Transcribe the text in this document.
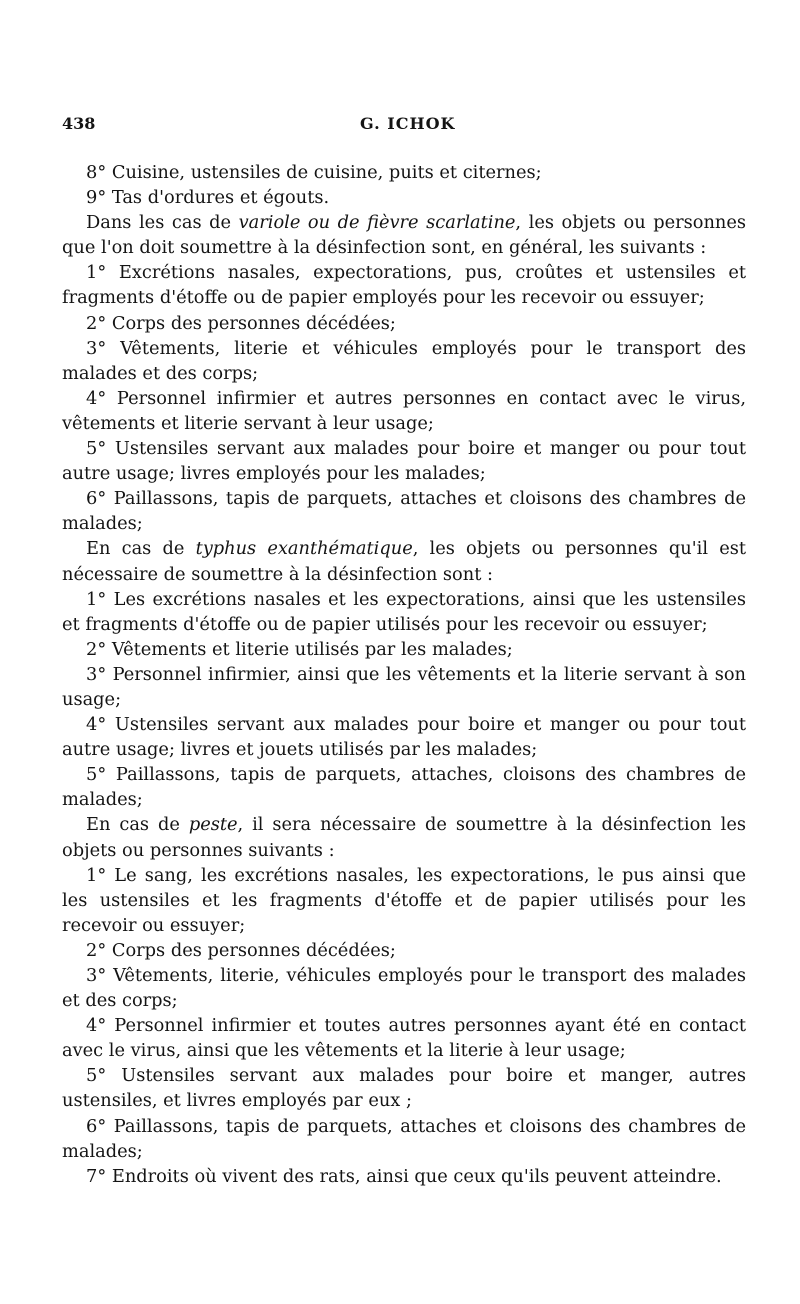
438	G. ICHOK

8° Cuisine, ustensiles de cuisine, puits et citernes;

9° Tas d'ordures et égouts.

Dans les cas de variole ou de fièvre scarlatine, les objets ou personnes que l'on doit soumettre à la désinfection sont, en général, les suivants :

1° Excrétions nasales, expectorations, pus, croûtes et ustensiles et fragments d'étoffe ou de papier employés pour les recevoir ou essuyer;

2° Corps des personnes décédées;

3° Vêtements, literie et véhicules employés pour le transport des malades et des corps;

4° Personnel infirmier et autres personnes en contact avec le virus, vêtements et literie servant à leur usage;

5° Ustensiles servant aux malades pour boire et manger ou pour tout autre usage; livres employés pour les malades;

6° Paillassons, tapis de parquets, attaches et cloisons des chambres de malades;

En cas de typhus exanthématique, les objets ou personnes qu'il est nécessaire de soumettre à la désinfection sont :

1° Les excrétions nasales et les expectorations, ainsi que les ustensiles et fragments d'étoffe ou de papier utilisés pour les recevoir ou essuyer;

2° Vêtements et literie utilisés par les malades;

3° Personnel infirmier, ainsi que les vêtements et la literie servant à son usage;

4° Ustensiles servant aux malades pour boire et manger ou pour tout autre usage; livres et jouets utilisés par les malades;

5° Paillassons, tapis de parquets, attaches, cloisons des chambres de malades;

En cas de peste, il sera nécessaire de soumettre à la désinfection les objets ou personnes suivants :

1° Le sang, les excrétions nasales, les expectorations, le pus ainsi que les ustensiles et les fragments d'étoffe et de papier utilisés pour les recevoir ou essuyer;

2° Corps des personnes décédées;

3° Vêtements, literie, véhicules employés pour le transport des malades et des corps;

4° Personnel infirmier et toutes autres personnes ayant été en contact avec le virus, ainsi que les vêtements et la literie à leur usage;

5° Ustensiles servant aux malades pour boire et manger, autres ustensiles, et livres employés par eux ;

6° Paillassons, tapis de parquets, attaches et cloisons des chambres de malades;

7° Endroits où vivent des rats, ainsi que ceux qu'ils peuvent atteindre.
